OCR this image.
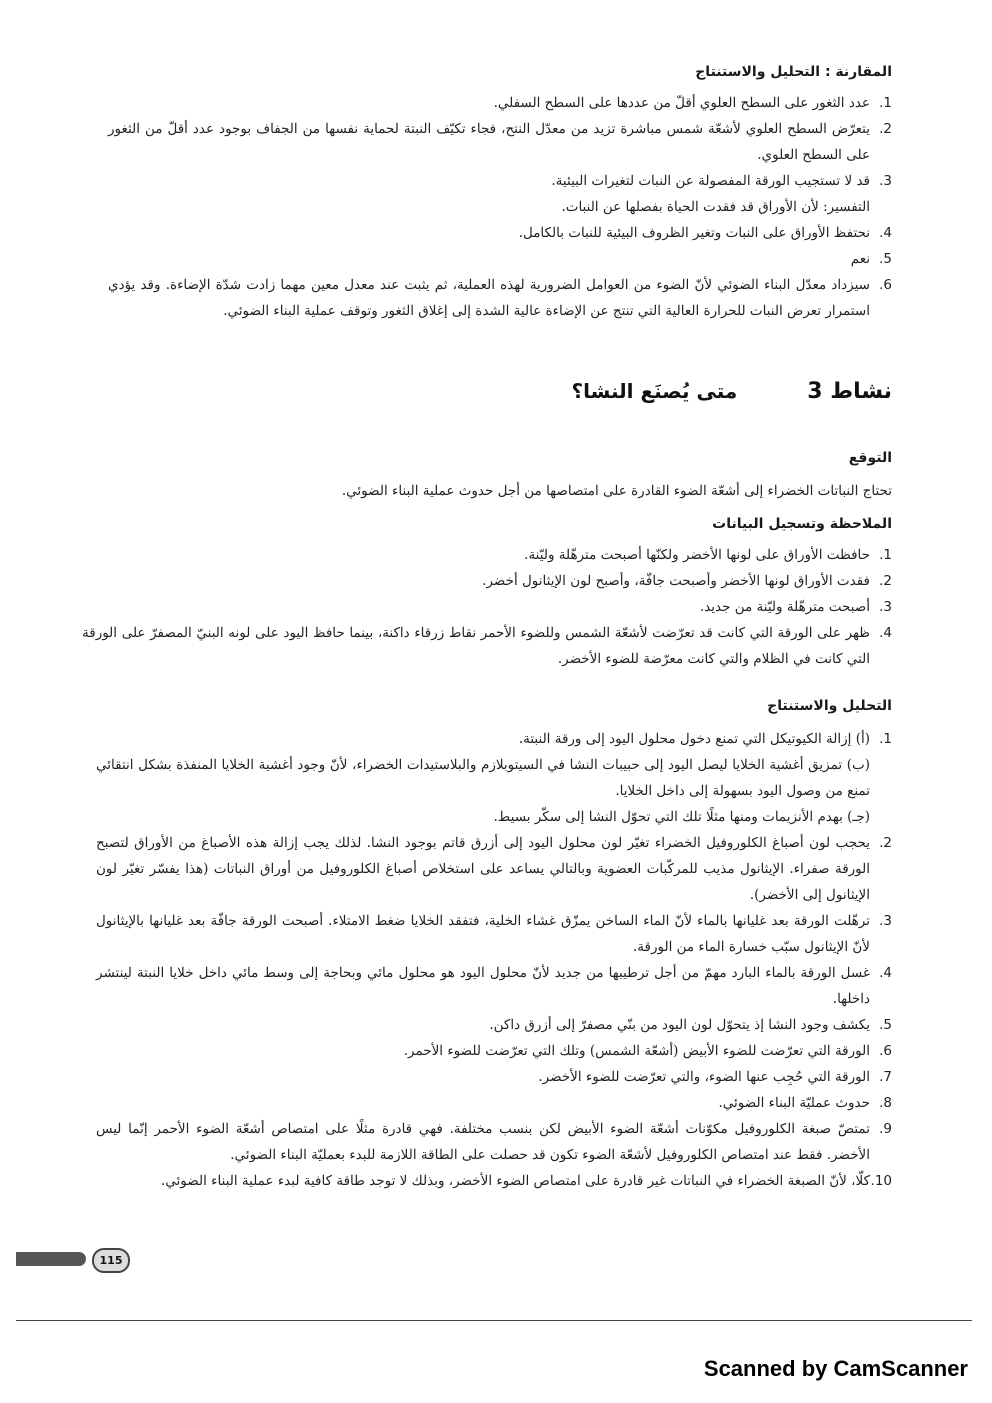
المقارنة : التحليل والاستنتاج
1.
عدد الثغور على السطح العلوي أقلّ من عددها على السطح السفلي.
2.
يتعرّض السطح العلوي لأشعّة شمس مباشرة تزيد من معدّل النتح، فجاء تكيّف النبتة لحماية نفسها من الجفاف بوجود عدد أقلّ من الثغور على السطح العلوي.
3.
قد لا تستجيب الورقة المفصولة عن النبات لتغيرات البيئية.
التفسير: لأن الأوراق قد فقدت الحياة بفصلها عن النبات.
4.
نحتفظ الأوراق على النبات وتغير الظروف البيئية للنبات بالكامل.
5.
نعم
6.
سيزداد معدّل البناء الضوئي لأنّ الضوء من العوامل الضرورية لهذه العملية، ثم يثبت عند معدل معين مهما زادت شدّة الإضاءة. وقد يؤدي استمرار تعرض النبات للحرارة العالية التي تنتج عن الإضاءة عالية الشدة إلى إغلاق الثغور وتوقف عملية البناء الضوئي.
نشاط 3
متى يُصنَع النشا؟
التوقع
تحتاج النباتات الخضراء إلى أشعّة الضوء القادرة على امتصاصها من أجل حدوث عملية البناء الضوئي.
الملاحظة وتسجيل البيانات
1.
حافظت الأوراق على لونها الأخضر ولكنّها أصبحت مترهّلة وليّنة.
2.
فقدت الأوراق لونها الأخضر وأصبحت جافّة، وأصبح لون الإيثانول أخضر.
3.
أصبحت مترهّلة وليّنة من جديد.
4.
ظهر على الورقة التي كانت قد تعرّضت لأشعّة الشمس وللضوء الأحمر نقاط زرقاء داكنة، بينما حافظ اليود على لونه البنيّ المصفرّ على الورقة التي كانت في الظلام والتي كانت معرّضة للضوء الأخضر.
التحليل والاستنتاج
1.

(أ) إزالة الكيوتيكل التي تمنع دخول محلول اليود إلى ورقة النبتة.

(ب) تمزيق أغشية الخلايا ليصل اليود إلى حبيبات النشا في السيتوبلازم والبلاستيدات الخضراء، لأنّ وجود أغشية الخلايا المنفذة بشكل انتقائي تمنع من وصول اليود بسهولة إلى داخل الخلايا.

(جـ) بهدم الأنزيمات ومنها مثلًا تلك التي تحوّل النشا إلى سكّر بسيط.

2.
يحجب لون أصباغ الكلوروفيل الخضراء تغيّر لون محلول اليود إلى أزرق قاتم بوجود النشا. لذلك يجب إزالة هذه الأصباغ من الأوراق لتصبح الورقة صفراء. الإيثانول مذيب للمركّبات العضوية وبالتالي يساعد على استخلاص أصباغ الكلوروفيل من أوراق النباتات (هذا يفسّر تغيّر لون الإيثانول إلى الأخضر).
3.
ترهّلت الورقة بعد غليانها بالماء لأنّ الماء الساخن يمزّق غشاء الخلية، فتفقد الخلايا ضغط الامتلاء. أصبحت الورقة جافّة بعد غليانها بالإيثانول لأنّ الإيثانول سبّب خسارة الماء من الورقة.
4.
غسل الورقة بالماء البارد مهمّ من أجل ترطيبها من جديد لأنّ محلول اليود هو محلول مائي وبحاجة إلى وسط مائي داخل خلايا النبتة لينتشر داخلها.
5.
يكشف وجود النشا إذ يتحوّل لون اليود من بنّي مصفرّ إلى أزرق داكن.
6.
الورقة التي تعرّضت للضوء الأبيض (أشعّة الشمس) وتلك التي تعرّضت للضوء الأحمر.
7.
الورقة التي حُجِب عنها الضوء، والتي تعرّضت للضوء الأخضر.
8.
حدوث عمليّة البناء الضوئي.
9.
تمتصّ صبغة الكلوروفيل مكوّنات أشعّة الضوء الأبيض لكن بنسب مختلفة. فهي قادرة مثلًا على امتصاص أشعّة الضوء الأحمر إنّما ليس الأخضر. فقط عند امتصاص الكلوروفيل لأشعّة الضوء تكون قد حصلت على الطاقة اللازمة للبدء بعمليّة البناء الضوئي.
10.
كلّا، لأنّ الصبغة الخضراء في النباتات غير قادرة على امتصاص الضوء الأخضر، وبذلك لا توجد طاقة كافية لبدء عملية البناء الضوئي.
115
Scanned by CamScanner
